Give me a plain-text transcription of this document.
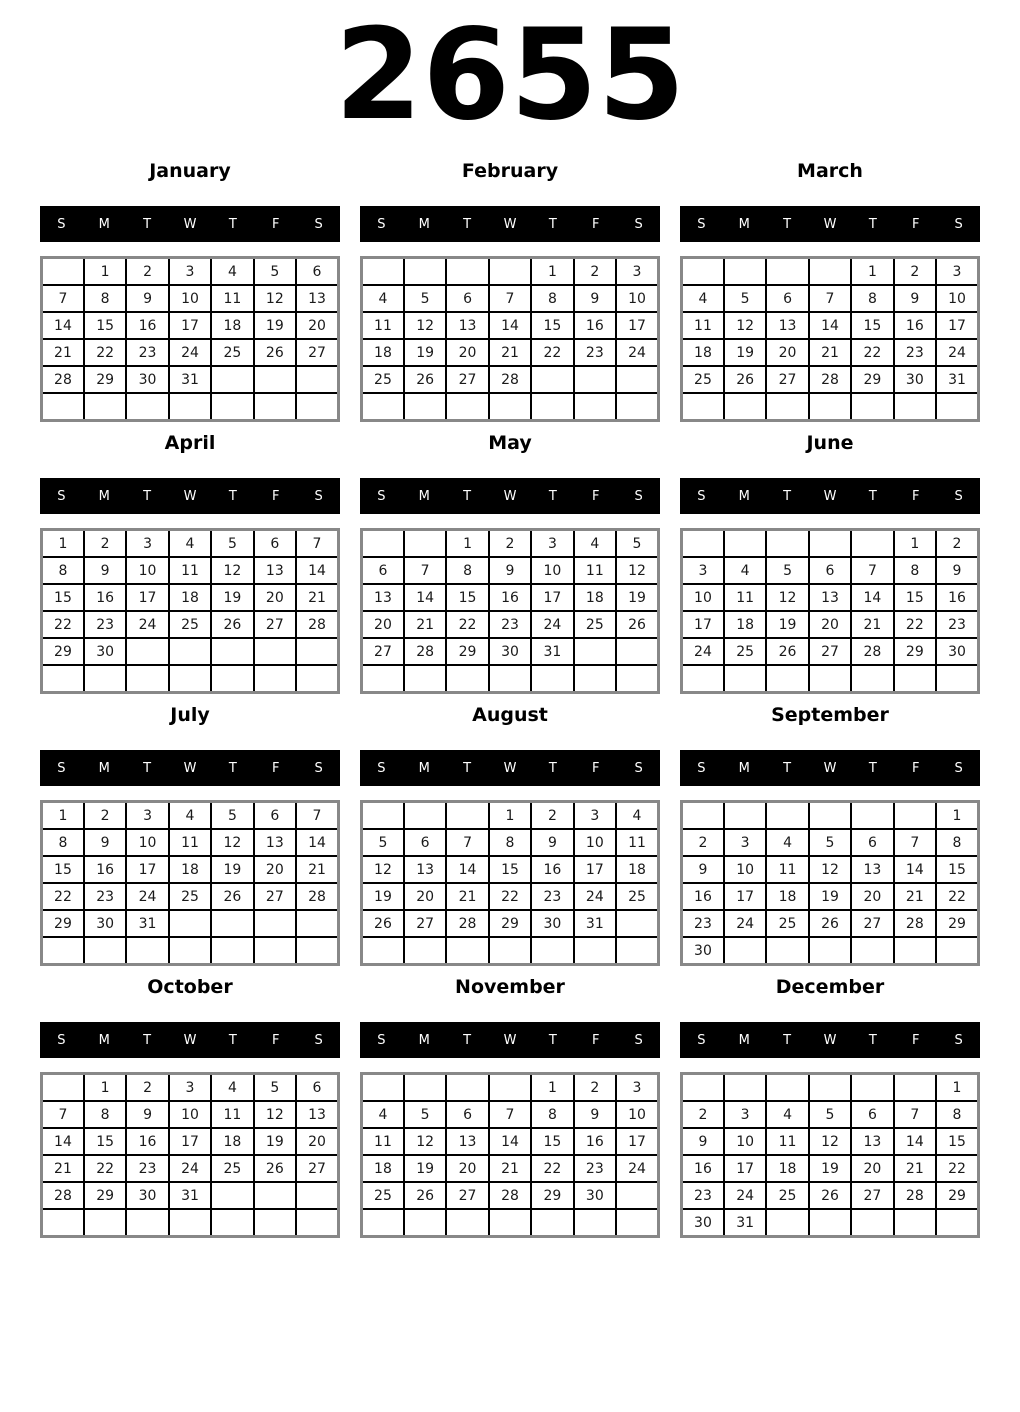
2655
January
S	M	T	W	T	F	S
	1	2	3	4	5	6
7	8	9	10	11	12	13
14	15	16	17	18	19	20
21	22	23	24	25	26	27
28	29	30	31			

February
S	M	T	W	T	F	S
				1	2	3
4	5	6	7	8	9	10
11	12	13	14	15	16	17
18	19	20	21	22	23	24
25	26	27	28			

March
S	M	T	W	T	F	S
				1	2	3
4	5	6	7	8	9	10
11	12	13	14	15	16	17
18	19	20	21	22	23	24
25	26	27	28	29	30	31

April
S	M	T	W	T	F	S
1	2	3	4	5	6	7
8	9	10	11	12	13	14
15	16	17	18	19	20	21
22	23	24	25	26	27	28
29	30					

May
S	M	T	W	T	F	S
		1	2	3	4	5
6	7	8	9	10	11	12
13	14	15	16	17	18	19
20	21	22	23	24	25	26
27	28	29	30	31		

June
S	M	T	W	T	F	S
					1	2
3	4	5	6	7	8	9
10	11	12	13	14	15	16
17	18	19	20	21	22	23
24	25	26	27	28	29	30

July
S	M	T	W	T	F	S
1	2	3	4	5	6	7
8	9	10	11	12	13	14
15	16	17	18	19	20	21
22	23	24	25	26	27	28
29	30	31				

August
S	M	T	W	T	F	S
			1	2	3	4
5	6	7	8	9	10	11
12	13	14	15	16	17	18
19	20	21	22	23	24	25
26	27	28	29	30	31	

September
S	M	T	W	T	F	S
						1
2	3	4	5	6	7	8
9	10	11	12	13	14	15
16	17	18	19	20	21	22
23	24	25	26	27	28	29
30						
October
S	M	T	W	T	F	S
	1	2	3	4	5	6
7	8	9	10	11	12	13
14	15	16	17	18	19	20
21	22	23	24	25	26	27
28	29	30	31			

November
S	M	T	W	T	F	S
				1	2	3
4	5	6	7	8	9	10
11	12	13	14	15	16	17
18	19	20	21	22	23	24
25	26	27	28	29	30	

December
S	M	T	W	T	F	S
						1
2	3	4	5	6	7	8
9	10	11	12	13	14	15
16	17	18	19	20	21	22
23	24	25	26	27	28	29
30	31					
